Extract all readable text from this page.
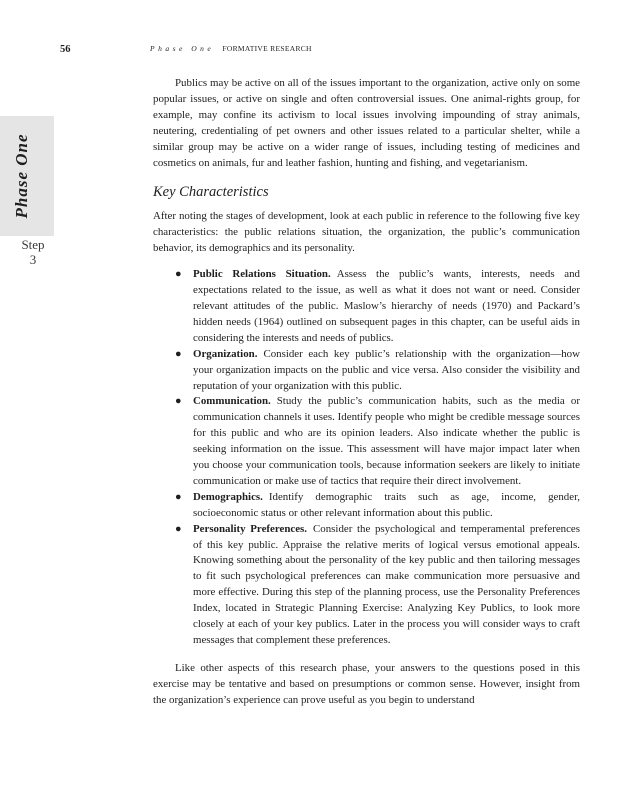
56	Phase One FORMATIVE RESEARCH
Phase One
Step
3

Publics may be active on all of the issues important to the organization, active only on some popular issues, or active on single and often controversial issues. One animal-rights group, for example, may confine its activism to local issues involving impounding of stray animals, neutering, credentialing of pet owners and other issues related to a particular shelter, while a similar group may be active on a wider range of issues, including testing of medicines and cosmetics on animals, fur and leather fashion, hunting and fishing, and vegetarianism.

Key Characteristics

After noting the stages of development, look at each public in reference to the following five key characteristics: the public relations situation, the organization, the public’s communication behavior, its demographics and its personality.

● Public Relations Situation. Assess the public’s wants, interests, needs and expectations related to the issue, as well as what it does not want or need. Consider relevant attitudes of the public. Maslow’s hierarchy of needs (1970) and Packard’s hidden needs (1964) outlined on subsequent pages in this chapter, can be useful aids in considering the interests and needs of publics.
● Organization. Consider each key public’s relationship with the organization—how your organization impacts on the public and vice versa. Also consider the visibility and reputation of your organization with this public.
● Communication. Study the public’s communication habits, such as the media or communication channels it uses. Identify people who might be credible message sources for this public and who are its opinion leaders. Also indicate whether the public is seeking information on the issue. This assessment will have major impact later when you choose your communication tools, because information seekers are likely to initiate communication or make use of tactics that require their direct involvement.
● Demographics. Identify demographic traits such as age, income, gender, socioeconomic status or other relevant information about this public.
● Personality Preferences. Consider the psychological and temperamental preferences of this key public. Appraise the relative merits of logical versus emotional appeals. Knowing something about the personality of the key public and then tailoring messages to fit such psychological preferences can make communication more persuasive and more effective. During this step of the planning process, use the Personality Preferences Index, located in Strategic Planning Exercise: Analyzing Key Publics, to look more closely at each of your key publics. Later in the process you will consider ways to craft messages that complement these preferences.

Like other aspects of this research phase, your answers to the questions posed in this exercise may be tentative and based on presumptions or common sense. However, insight from the organization’s experience can prove useful as you begin to understand
